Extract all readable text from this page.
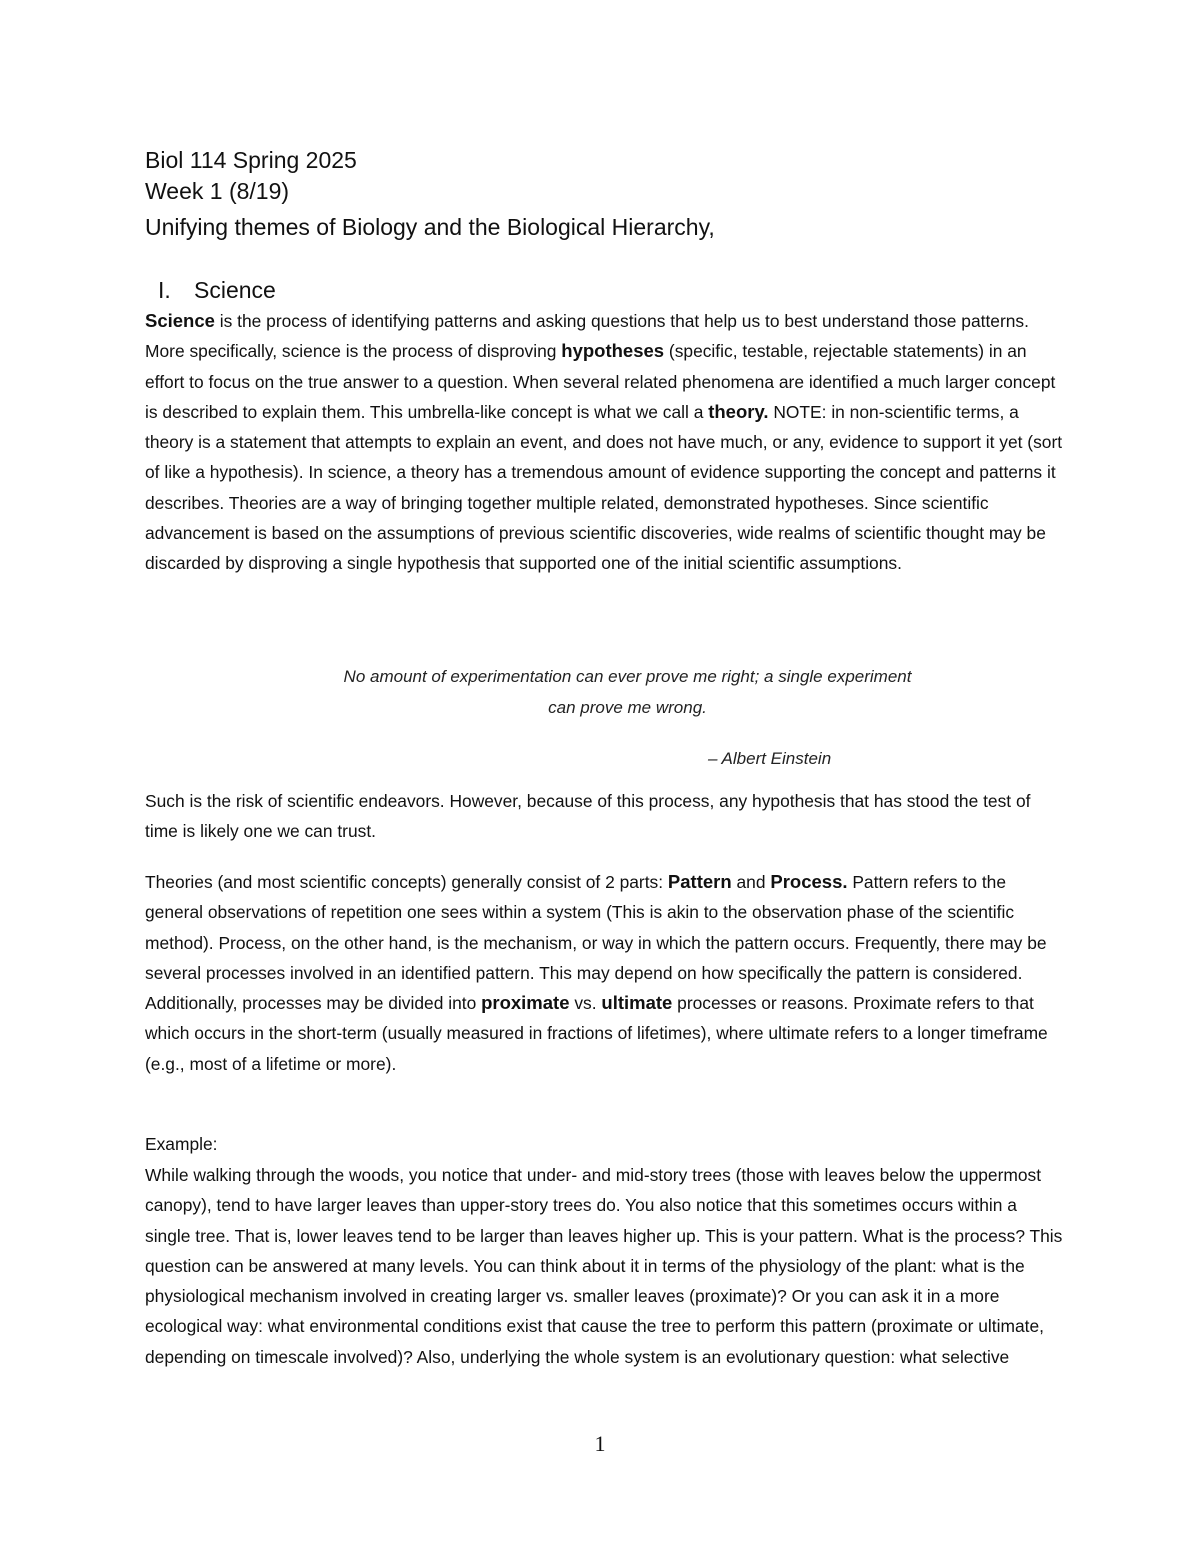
Biol 114 Spring 2025
Week 1 (8/19)
Unifying themes of Biology and the Biological Hierarchy,
I. Science

Science is the process of identifying patterns and asking questions that help us to best understand those patterns. More specifically, science is the process of disproving hypotheses (specific, testable, rejectable statements) in an effort to focus on the true answer to a question. When several related phenomena are identified a much larger concept is described to explain them. This umbrella-like concept is what we call a theory. NOTE: in non-scientific terms, a theory is a statement that attempts to explain an event, and does not have much, or any, evidence to support it yet (sort of like a hypothesis). In science, a theory has a tremendous amount of evidence supporting the concept and patterns it describes. Theories are a way of bringing together multiple related, demonstrated hypotheses. Since scientific advancement is based on the assumptions of previous scientific discoveries, wide realms of scientific thought may be discarded by disproving a single hypothesis that supported one of the initial scientific assumptions.

No amount of experimentation can ever prove me right; a single experiment
can prove me wrong.
– Albert Einstein

Such is the risk of scientific endeavors. However, because of this process, any hypothesis that has stood the test of time is likely one we can trust.

Theories (and most scientific concepts) generally consist of 2 parts: Pattern and Process. Pattern refers to the general observations of repetition one sees within a system (This is akin to the observation phase of the scientific method). Process, on the other hand, is the mechanism, or way in which the pattern occurs. Frequently, there may be several processes involved in an identified pattern. This may depend on how specifically the pattern is considered. Additionally, processes may be divided into proximate vs. ultimate processes or reasons. Proximate refers to that which occurs in the short-term (usually measured in fractions of lifetimes), where ultimate refers to a longer timeframe (e.g., most of a lifetime or more).

Example:

While walking through the woods, you notice that under- and mid-story trees (those with leaves below the uppermost canopy), tend to have larger leaves than upper-story trees do. You also notice that this sometimes occurs within a single tree. That is, lower leaves tend to be larger than leaves higher up. This is your pattern. What is the process? This question can be answered at many levels. You can think about it in terms of the physiology of the plant: what is the physiological mechanism involved in creating larger vs. smaller leaves (proximate)? Or you can ask it in a more ecological way: what environmental conditions exist that cause the tree to perform this pattern (proximate or ultimate, depending on timescale involved)? Also, underlying the whole system is an evolutionary question: what selective

1
